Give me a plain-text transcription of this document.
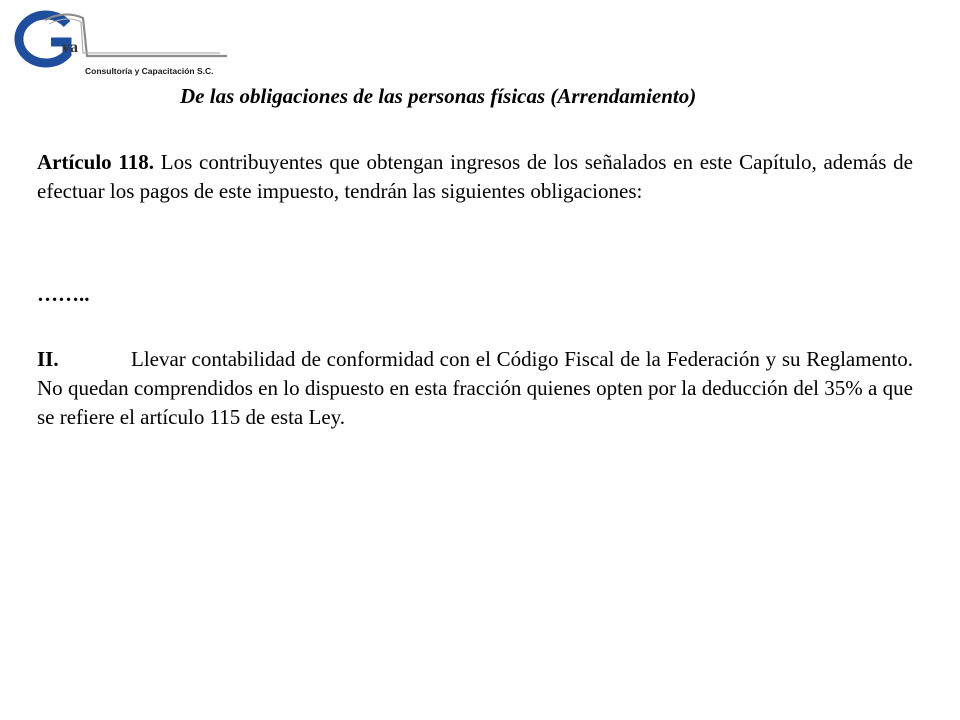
va

Consultoría y Capacitación S.C.

De las obligaciones de las personas físicas (Arrendamiento)

Artículo 118. Los contribuyentes que obtengan ingresos de los señalados en este Capítulo, además de efectuar los pagos de este impuesto, tendrán las siguientes obligaciones:

……..

II.	Llevar contabilidad de conformidad con el Código Fiscal de la Federación y su Reglamento. No quedan comprendidos en lo dispuesto en esta fracción quienes opten por la deducción del 35% a que se refiere el artículo 115 de esta Ley.
